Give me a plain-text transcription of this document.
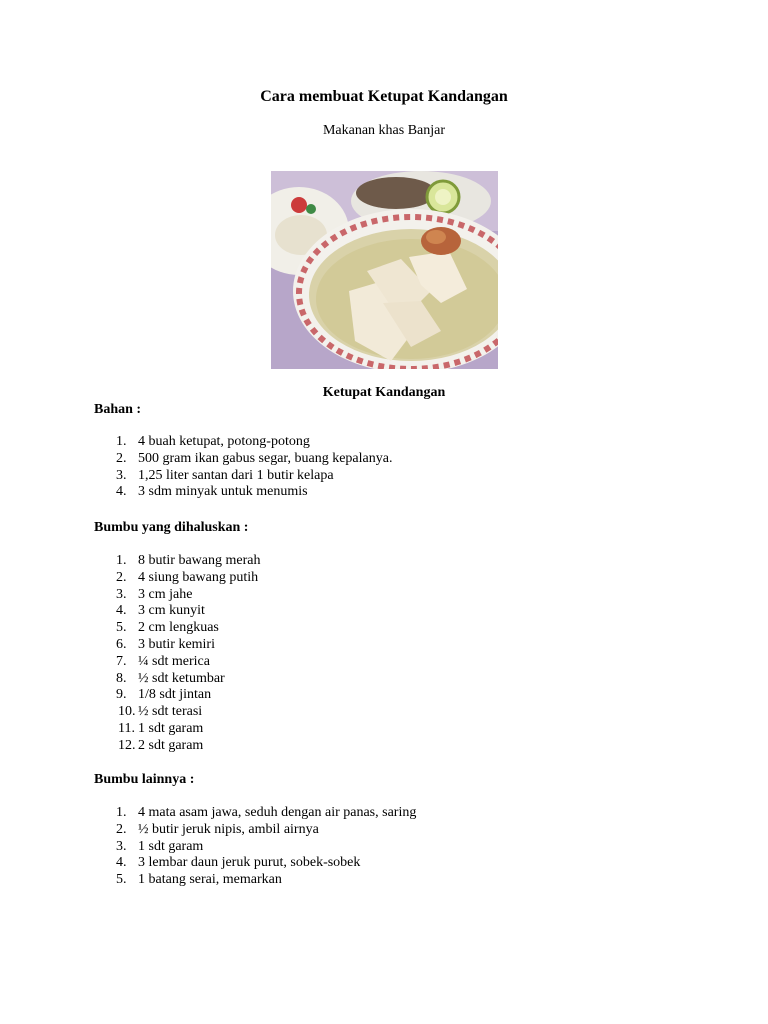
Cara membuat Ketupat Kandangan
Makanan khas Banjar
Ketupat Kandangan
Bahan :
1. 4 buah ketupat, potong-potong
2. 500 gram ikan gabus segar, buang kepalanya.
3. 1,25 liter santan dari 1 butir kelapa
4. 3 sdm minyak untuk menumis
Bumbu yang dihaluskan :
1. 8 butir bawang merah
2. 4 siung bawang putih
3. 3 cm jahe
4. 3 cm kunyit
5. 2 cm lengkuas
6. 3 butir kemiri
7. ¼ sdt merica
8. ½ sdt ketumbar
9. 1/8 sdt jintan
10. ½ sdt terasi
11. 1 sdt garam
12. 2 sdt garam
Bumbu lainnya :
1. 4 mata asam jawa, seduh dengan air panas, saring
2. ½ butir jeruk nipis, ambil airnya
3. 1 sdt garam
4. 3 lembar daun jeruk purut, sobek-sobek
5. 1 batang serai, memarkan
